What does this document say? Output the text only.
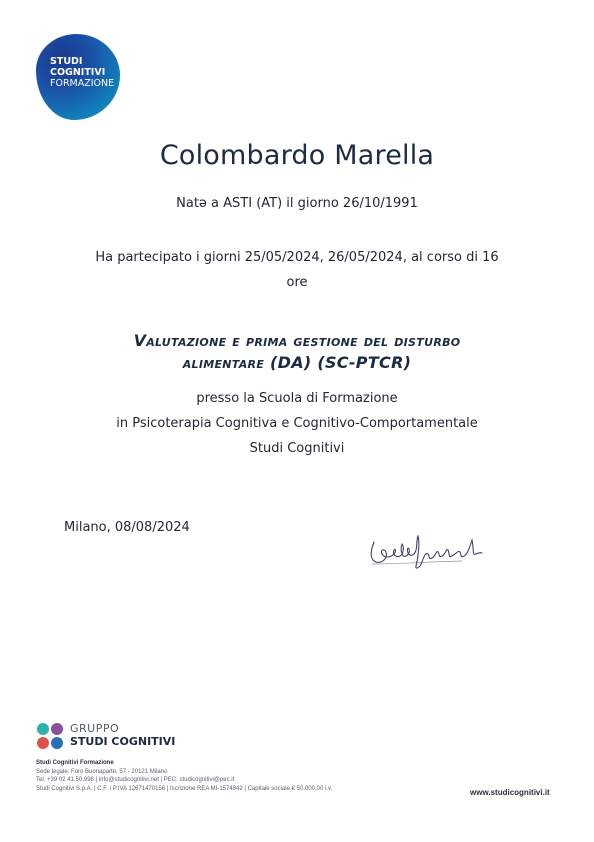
STUDI
COGNITIVI
FORMAZIONE
Colombardo Marella
Natə a ASTI (AT) il giorno 26/10/1991
Ha partecipato i giorni 25/05/2024, 26/05/2024, al corso di 16
ore
Valutazione e prima gestione del disturbo
alimentare (DA) (SC-PTCR)
presso la Scuola di Formazione
in Psicoterapia Cognitiva e Cognitivo-Comportamentale
Studi Cognitivi
Milano, 08/08/2024
GRUPPO
STUDI COGNITIVI
Studi Cognitivi Formazione
Sede legale: Foro Buonaparte, 57 - 20121 Milano
Tel. +39 02 41.50.998 | info@studicognitivi.net | PEC: studicognitivi@pec.it
Studi Cognitivi S.p.A. | C.F. / P.IVA 12671470156 | Iscrizione REA MI-1574842 | Capitale sociale € 50.000,00 i.v.	www.studicognitivi.it
